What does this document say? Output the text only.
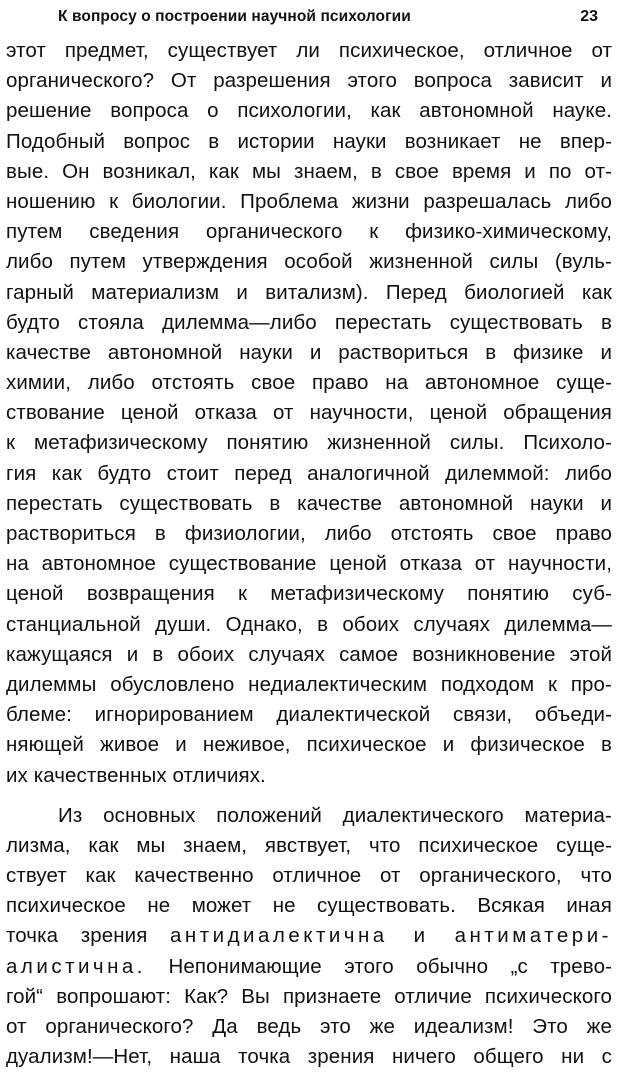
К вопросу о построении научной психологии	23
этот предмет, существует ли психическое, отличное от
органического? От разрешения этого вопроса зависит и
решение вопроса о психологии, как автономной науке.
Подобный вопрос в истории науки возникает не впер-
вые. Он возникал, как мы знаем, в свое время и по от-
ношению к биологии. Проблема жизни разрешалась либо
путем сведения органического к физико-химическому,
либо путем утверждения особой жизненной силы (вуль-
гарный материализм и витализм). Перед биологией как
будто стояла дилемма—либо перестать существовать в
качестве автономной науки и раствориться в физике и
химии, либо отстоять свое право на автономное суще-
ствование ценой отказа от научности, ценой обращения
к метафизическому понятию жизненной силы. Психоло-
гия как будто стоит перед аналогичной дилеммой: либо
перестать существовать в качестве автономной науки и
раствориться в физиологии, либо отстоять свое право
на автономное существование ценой отказа от научности,
ценой возвращения к метафизическому понятию суб-
станциальной души. Однако, в обоих случаях дилемма—
кажущаяся и в обоих случаях самое возникновение этой
дилеммы обусловлено недиалектическим подходом к про-
блеме: игнорированием диалектической связи, объеди-
няющей живое и неживое, психическое и физическое в
их качественных отличиях.
Из основных положений диалектического материа-
лизма, как мы знаем, явствует, что психическое суще-
ствует как качественно отличное от органического, что
психическое не может не существовать. Всякая иная
точка зрения антидиалектична и антиматери-
алистична. Непонимающие этого обычно „с трево-
гой“ вопрошают: Как? Вы признаете отличие психического
от органического? Да ведь это же идеализм! Это же
дуализм!—Нет, наша точка зрения ничего общего ни с
